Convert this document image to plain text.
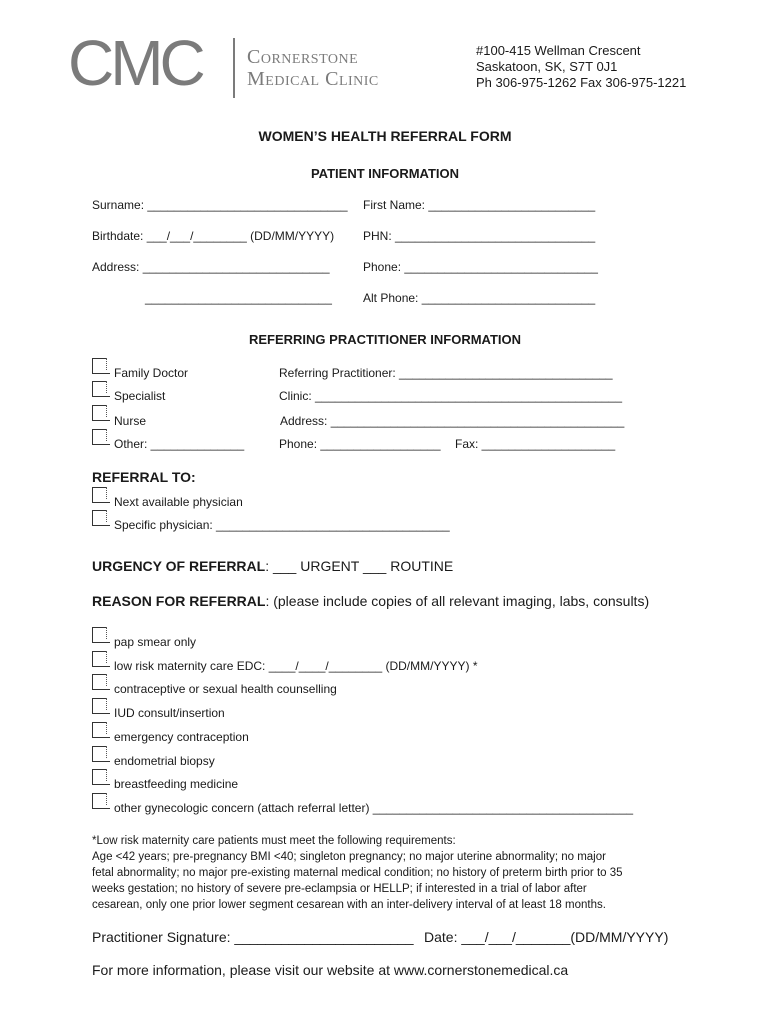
CMC Cornerstone
Medical Clinic
#100-415 Wellman Crescent
Saskatoon, SK, S7T 0J1
Ph 306-975-1262 Fax 306-975-1221
WOMEN’S HEALTH REFERRAL FORM
PATIENT INFORMATION
Surname: ______________________________ First Name: _________________________
Birthdate: ___/___/________ (DD/MM/YYYY) PHN: ______________________________
Address: ____________________________	Phone: _____________________________
____________________________	Alt Phone: __________________________
REFERRING PRACTITIONER INFORMATION
Family Doctor
Specialist
Nurse
Other: ______________
Referring Practitioner: ________________________________
Clinic: ______________________________________________
Address: ____________________________________________
Phone: __________________ Fax: ____________________
REFERRAL TO:
Next available physician
Specific physician: ___________________________________
URGENCY OF REFERRAL: ___ URGENT ___ ROUTINE
REASON FOR REFERRAL: (please include copies of all relevant imaging, labs, consults)
pap smear only
low risk maternity care EDC: ____/____/________ (DD/MM/YYYY) *
contraceptive or sexual health counselling
IUD consult/insertion
emergency contraception
endometrial biopsy
breastfeeding medicine
other gynecologic concern (attach referral letter) _______________________________________
*Low risk maternity care patients must meet the following requirements:
Age <42 years; pre-pregnancy BMI <40; singleton pregnancy; no major uterine abnormality; no major
fetal abnormality; no major pre-existing maternal medical condition; no history of preterm birth prior to 35
weeks gestation; no history of severe pre-eclampsia or HELLP; if interested in a trial of labor after
cesarean, only one prior lower segment cesarean with an inter-delivery interval of at least 18 months.
Practitioner Signature: _______________________ Date: ___/___/_______(DD/MM/YYYY)
For more information, please visit our website at www.cornerstonemedical.ca
